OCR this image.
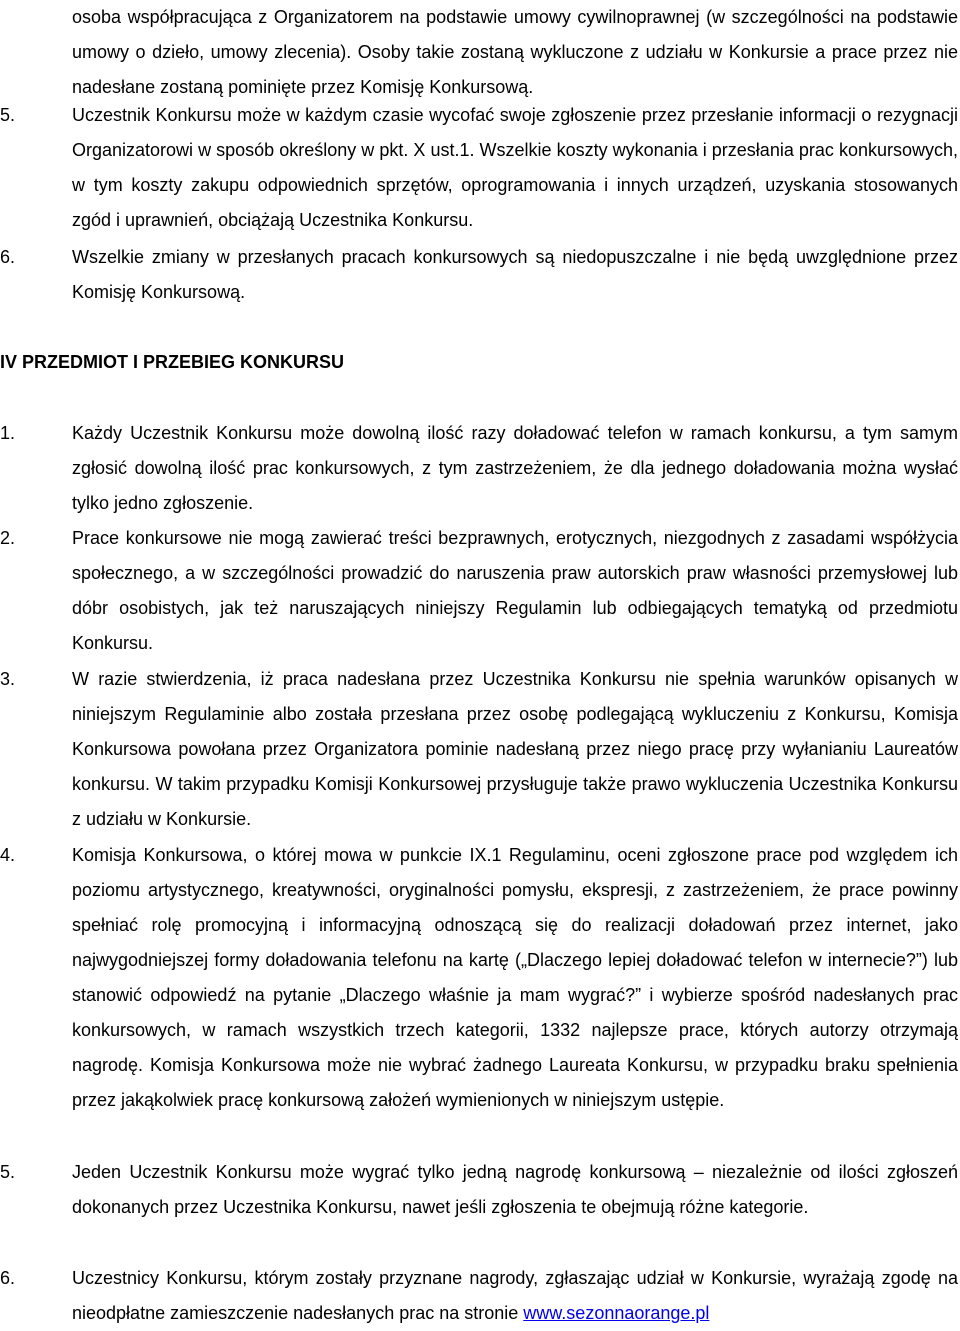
osoba współpracująca z Organizatorem na podstawie umowy cywilnoprawnej (w szczególności na podstawie umowy o dzieło, umowy zlecenia). Osoby takie zostaną wykluczone z udziału w Konkursie a prace przez nie nadesłane zostaną pominięte przez Komisję Konkursową.

5.	Uczestnik Konkursu może w każdym czasie wycofać swoje zgłoszenie przez przesłanie informacji o rezygnacji Organizatorowi w sposób określony w pkt. X ust.1. Wszelkie koszty wykonania i przesłania prac konkursowych, w tym koszty zakupu odpowiednich sprzętów, oprogramowania i innych urządzeń, uzyskania stosowanych zgód i uprawnień, obciążają Uczestnika Konkursu.
6.	Wszelkie zmiany w przesłanych pracach konkursowych są niedopuszczalne i nie będą uwzględnione przez Komisję Konkursową.
IV PRZEDMIOT I PRZEBIEG KONKURSU
1.	Każdy Uczestnik Konkursu może dowolną ilość razy doładować telefon w ramach konkursu, a tym samym zgłosić dowolną ilość prac konkursowych, z tym zastrzeżeniem, że dla jednego doładowania można wysłać tylko jedno zgłoszenie.
2.	Prace konkursowe nie mogą zawierać treści bezprawnych, erotycznych, niezgodnych z zasadami współżycia społecznego, a w szczególności prowadzić do naruszenia praw autorskich praw własności przemysłowej lub dóbr osobistych, jak też naruszających niniejszy Regulamin lub odbiegających tematyką od przedmiotu Konkursu.
3.	W razie stwierdzenia, iż praca nadesłana przez Uczestnika Konkursu nie spełnia warunków opisanych w niniejszym Regulaminie albo została przesłana przez osobę podlegającą wykluczeniu z Konkursu, Komisja Konkursowa powołana przez Organizatora pominie nadesłaną przez niego pracę przy wyłanianiu Laureatów konkursu. W takim przypadku Komisji Konkursowej przysługuje także prawo wykluczenia Uczestnika Konkursu z udziału w Konkursie.
4.	Komisja Konkursowa, o której mowa w punkcie IX.1 Regulaminu, oceni zgłoszone prace pod względem ich poziomu artystycznego, kreatywności, oryginalności pomysłu, ekspresji, z zastrzeżeniem, że prace powinny spełniać rolę promocyjną i informacyjną odnoszącą się do realizacji doładowań przez internet, jako najwygodniejszej formy doładowania telefonu na kartę („Dlaczego lepiej doładować telefon w internecie?”) lub stanowić odpowiedź na pytanie „Dlaczego właśnie ja mam wygrać?” i wybierze spośród nadesłanych prac konkursowych, w ramach wszystkich trzech kategorii, 1332 najlepsze prace, których autorzy otrzymają nagrodę. Komisja Konkursowa może nie wybrać żadnego Laureata Konkursu, w przypadku braku spełnienia przez jakąkolwiek pracę konkursową założeń wymienionych w niniejszym ustępie.
5.	Jeden Uczestnik Konkursu może wygrać tylko jedną nagrodę konkursową – niezależnie od ilości zgłoszeń dokonanych przez Uczestnika Konkursu, nawet jeśli zgłoszenia te obejmują różne kategorie.
6.	Uczestnicy Konkursu, którym zostały przyznane nagrody, zgłaszając udział w Konkursie, wyrażają zgodę na nieodpłatne zamieszczenie nadesłanych prac na stronie www.sezonnaorange.pl
